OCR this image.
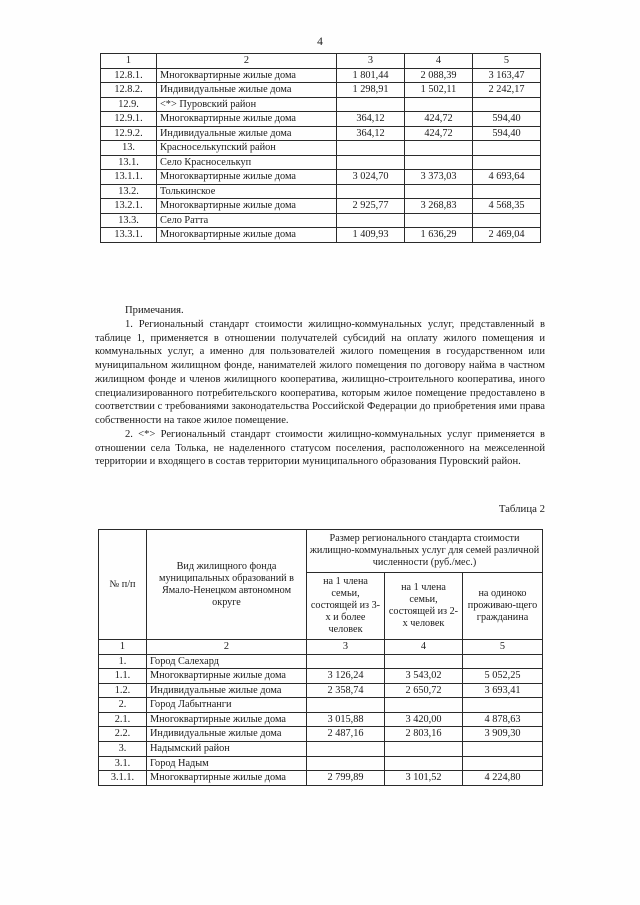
4
1	2	3	4	5
12.8.1.	Многоквартирные жилые дома	1 801,44	2 088,39	3 163,47
12.8.2.	Индивидуальные жилые дома	1 298,91	1 502,11	2 242,17
12.9.	<*> Пуровский район			
12.9.1.	Многоквартирные жилые дома	364,12	424,72	594,40
12.9.2.	Индивидуальные жилые дома	364,12	424,72	594,40
13.	Красноселькупский район			
13.1.	Село Красноселькуп			
13.1.1.	Многоквартирные жилые дома	3 024,70	3 373,03	4 693,64
13.2.	Толькинское			
13.2.1.	Многоквартирные жилые дома	2 925,77	3 268,83	4 568,35
13.3.	Село Ратта			
13.3.1.	Многоквартирные жилые дома	1 409,93	1 636,29	2 469,04

Примечания.

1. Региональный стандарт стоимости жилищно-коммунальных услуг, представленный в таблице 1, применяется в отношении получателей субсидий на оплату жилого помещения и коммунальных услуг, а именно для пользователей жилого помещения в государственном или муниципальном жилищном фонде, нанимателей жилого помещения по договору найма в частном жилищном фонде и членов жилищного кооператива, жилищно-строительного кооператива, иного специализированного потребительского кооператива, которым жилое помещение предоставлено в соответствии с требованиями законодательства Российской Федерации до приобретения ими права собственности на такое жилое помещение.

2. <*> Региональный стандарт стоимости жилищно-коммунальных услуг применяется в отношении села Толька, не наделенного статусом поселения, расположенного на межселенной территории и входящего в состав территории муниципального образования Пуровский район.

Таблица 2
№ п/п	Вид жилищного фонда муниципальных образований в Ямало-Ненецком автономном округе	Размер регионального стандарта стоимости жилищно-коммунальных услуг для семей различной численности (руб./мес.)		
		на 1 члена семьи, состоящей из 3-х и более человек	на 1 члена семьи, состоящей из 2-х человек	на одиноко проживаю-щего гражданина
1	2	3	4	5
1.	Город Салехард			
1.1.	Многоквартирные жилые дома	3 126,24	3 543,02	5 052,25
1.2.	Индивидуальные жилые дома	2 358,74	2 650,72	3 693,41
2.	Город Лабытнанги			
2.1.	Многоквартирные жилые дома	3 015,88	3 420,00	4 878,63
2.2.	Индивидуальные жилые дома	2 487,16	2 803,16	3 909,30
3.	Надымский район			
3.1.	Город Надым			
3.1.1.	Многоквартирные жилые дома	2 799,89	3 101,52	4 224,80
